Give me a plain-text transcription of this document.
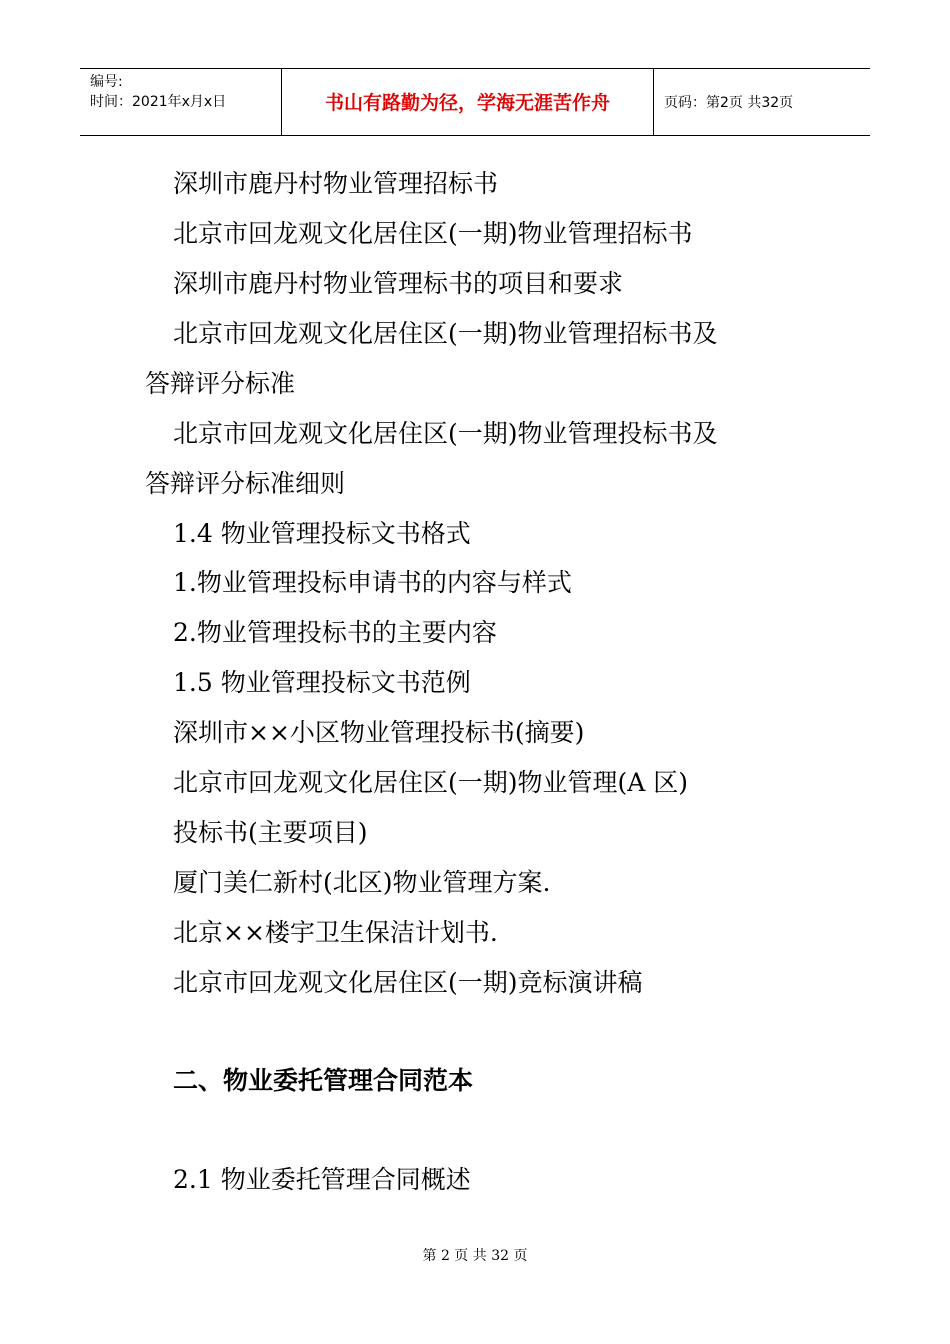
编号:
时间：2021年x月x日	书山有路勤为径，学海无涯苦作舟	页码：第2页 共32页
深圳市鹿丹村物业管理招标书
北京市回龙观文化居住区(一期)物业管理招标书
深圳市鹿丹村物业管理标书的项目和要求
北京市回龙观文化居住区(一期)物业管理招标书及
答辩评分标准
北京市回龙观文化居住区(一期)物业管理投标书及
答辩评分标准细则
1.4 物业管理投标文书格式
1.物业管理投标申请书的内容与样式
2.物业管理投标书的主要内容
1.5 物业管理投标文书范例
深圳市××小区物业管理投标书(摘要)
北京市回龙观文化居住区(一期)物业管理(A 区)
投标书(主要项目)
厦门美仁新村(北区)物业管理方案.
北京××楼宇卫生保洁计划书.
北京市回龙观文化居住区(一期)竞标演讲稿
二、物业委托管理合同范本
2.1 物业委托管理合同概述
第 2 页 共 32 页
